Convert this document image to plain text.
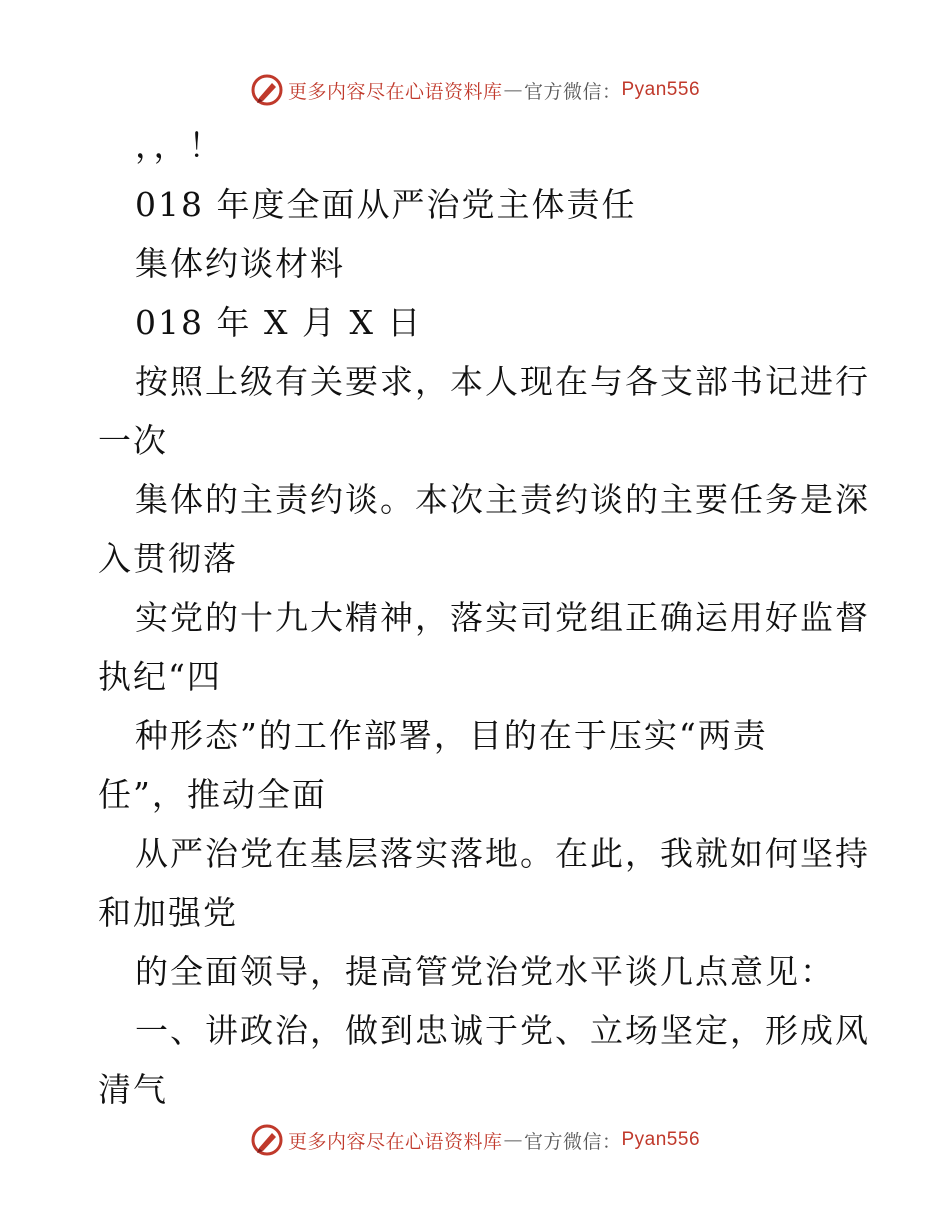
更多内容尽在心语资料库 — 官方微信： Pyan556
，，！
018 年度全面从严治党主体责任
集体约谈材料
018 年 X 月 X 日
按照上级有关要求，本人现在与各支部书记进行
一次
集体的主责约谈。本次主责约谈的主要任务是深
入贯彻落
实党的十九大精神，落实司党组正确运用好监督
执纪“四
种形态”的工作部署，目的在于压实“两责
任”，推动全面
从严治党在基层落实落地。在此，我就如何坚持
和加强党
的全面领导，提高管党治党水平谈几点意见：
一、讲政治，做到忠诚于党、立场坚定，形成风
清气
更多内容尽在心语资料库 — 官方微信： Pyan556
